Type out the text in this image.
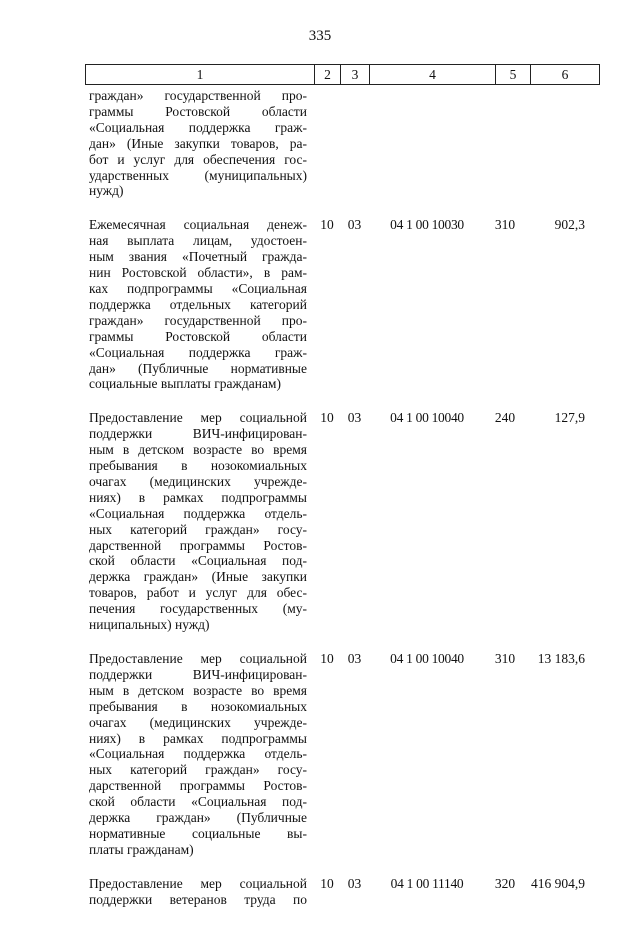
335
1	2	3	4	5	6
граждан» государственной про-
граммы Ростовской области
«Социальная поддержка граж-
дан» (Иные закупки товаров, ра-
бот и услуг для обеспечения гос-
ударственных (муниципальных)
нужд)
Ежемесячная социальная денеж-
ная выплата лицам, удостоен-
ным звания «Почетный гражда-
нин Ростовской области», в рам-
ках подпрограммы «Социальная
поддержка отдельных категорий
граждан» государственной про-
граммы Ростовской области
«Социальная поддержка граж-
дан» (Публичные нормативные
социальные выплаты гражданам)
10	03	04 1 00 10030	310	902,3
Предоставление мер социальной
поддержки ВИЧ-инфицирован-
ным в детском возрасте во время
пребывания в нозокомиальных
очагах (медицинских учрежде-
ниях) в рамках подпрограммы
«Социальная поддержка отдель-
ных категорий граждан» госу-
дарственной программы Ростов-
ской области «Социальная под-
держка граждан» (Иные закупки
товаров, работ и услуг для обес-
печения государственных (му-
ниципальных) нужд)
10	03	04 1 00 10040	240	127,9
Предоставление мер социальной
поддержки ВИЧ-инфицирован-
ным в детском возрасте во время
пребывания в нозокомиальных
очагах (медицинских учрежде-
ниях) в рамках подпрограммы
«Социальная поддержка отдель-
ных категорий граждан» госу-
дарственной программы Ростов-
ской области «Социальная под-
держка граждан» (Публичные
нормативные социальные вы-
платы гражданам)
10	03	04 1 00 10040	310	13 183,6
Предоставление мер социальной
поддержки ветеранов труда по
10	03	04 1 00 11140	320	416 904,9
